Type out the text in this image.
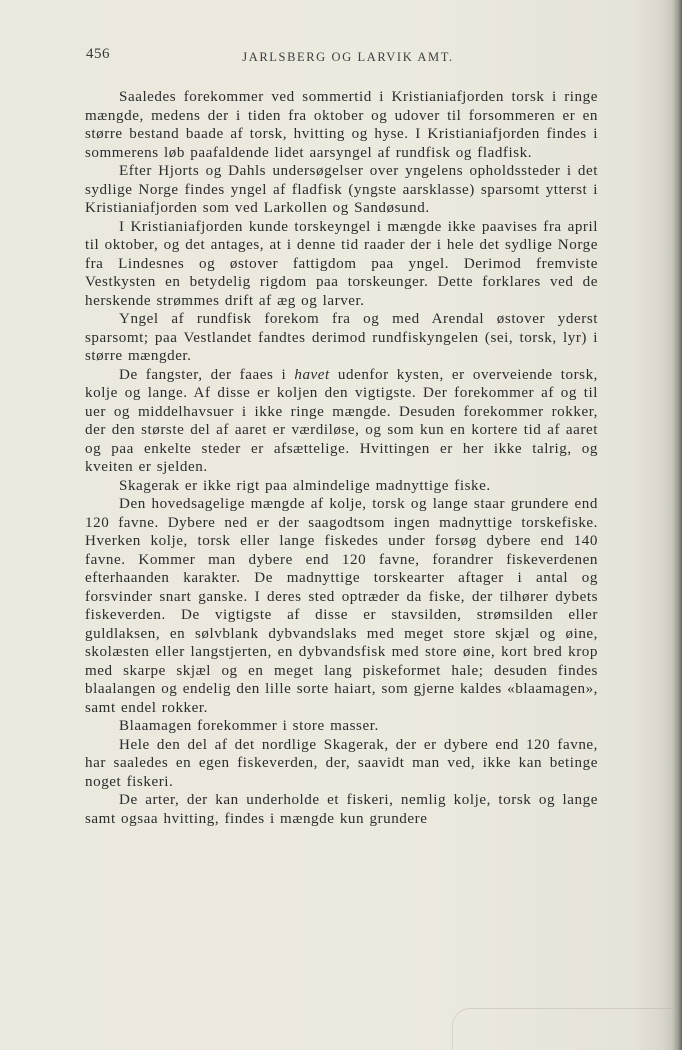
456	JARLSBERG OG LARVIK AMT.

Saaledes forekommer ved sommertid i Kristianiafjorden torsk i ringe mængde, medens der i tiden fra oktober og udover til forsommeren er en større bestand baade af torsk, hvitting og hyse. I Kristianiafjorden findes i sommerens løb paafaldende lidet aarsyngel af rundfisk og fladfisk.

Efter Hjorts og Dahls undersøgelser over yngelens opholdssteder i det sydlige Norge findes yngel af fladfisk (yngste aarsklasse) sparsomt ytterst i Kristianiafjorden som ved Larkollen og Sandøsund.

I Kristianiafjorden kunde torskeyngel i mængde ikke paavises fra april til oktober, og det antages, at i denne tid raader der i hele det sydlige Norge fra Lindesnes og østover fattigdom paa yngel. Derimod fremviste Vestkysten en betydelig rigdom paa torskeunger. Dette forklares ved de herskende strømmes drift af æg og larver.

Yngel af rundfisk forekom fra og med Arendal østover yderst sparsomt; paa Vestlandet fandtes derimod rundfiskyngelen (sei, torsk, lyr) i større mængder.

De fangster, der faaes i havet udenfor kysten, er overveiende torsk, kolje og lange. Af disse er koljen den vigtigste. Der forekommer af og til uer og middelhavsuer i ikke ringe mængde. Desuden forekommer rokker, der den største del af aaret er værdiløse, og som kun en kortere tid af aaret og paa enkelte steder er afsættelige. Hvittingen er her ikke talrig, og kveiten er sjelden.

Skagerak er ikke rigt paa almindelige madnyttige fiske.

Den hovedsagelige mængde af kolje, torsk og lange staar grundere end 120 favne. Dybere ned er der saagodtsom ingen madnyttige torskefiske. Hverken kolje, torsk eller lange fiskedes under forsøg dybere end 140 favne. Kommer man dybere end 120 favne, forandrer fiskeverdenen efterhaanden karakter. De madnyttige torskearter aftager i antal og forsvinder snart ganske. I deres sted optræder da fiske, der tilhører dybets fiskeverden. De vigtigste af disse er stavsilden, strømsilden eller guldlaksen, en sølvblank dybvandslaks med meget store skjæl og øine, skolæsten eller langstjerten, en dybvandsfisk med store øine, kort bred krop med skarpe skjæl og en meget lang piskeformet hale; desuden findes blaalangen og endelig den lille sorte haiart, som gjerne kaldes «blaamagen», samt endel rokker.

Blaamagen forekommer i store masser.

Hele den del af det nordlige Skagerak, der er dybere end 120 favne, har saaledes en egen fiskeverden, der, saavidt man ved, ikke kan betinge noget fiskeri.

De arter, der kan underholde et fiskeri, nemlig kolje, torsk og lange samt ogsaa hvitting, findes i mængde kun grundere
